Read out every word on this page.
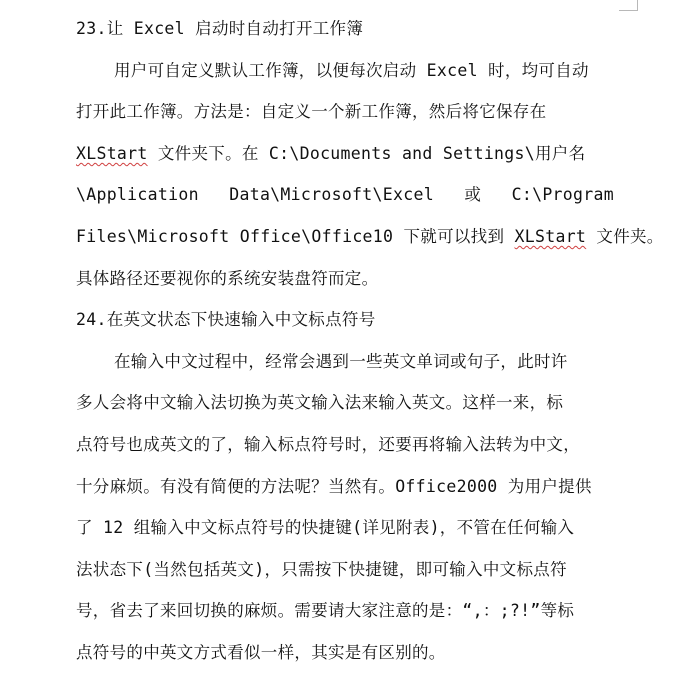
23.让 Excel 启动时自动打开工作簿
用户可自定义默认工作簿，以便每次启动 Excel 时，均可自动
打开此工作簿。方法是：自定义一个新工作簿，然后将它保存在
XLStart 文件夹下。在 C:\Documents and Settings\用户名
\Application Data\Microsoft\Excel 或 C:\Program
Files\Microsoft Office\Office10 下就可以找到 XLStart 文件夹。
具体路径还要视你的系统安装盘符而定。
24.在英文状态下快速输入中文标点符号
在输入中文过程中，经常会遇到一些英文单词或句子，此时许
多人会将中文输入法切换为英文输入法来输入英文。这样一来，标
点符号也成英文的了，输入标点符号时，还要再将输入法转为中文，
十分麻烦。有没有简便的方法呢？当然有。Office2000 为用户提供
了 12 组输入中文标点符号的快捷键(详见附表)，不管在任何输入
法状态下(当然包括英文)，只需按下快捷键，即可输入中文标点符
号，省去了来回切换的麻烦。需要请大家注意的是：“,：;?!”等标
点符号的中英文方式看似一样，其实是有区别的。
